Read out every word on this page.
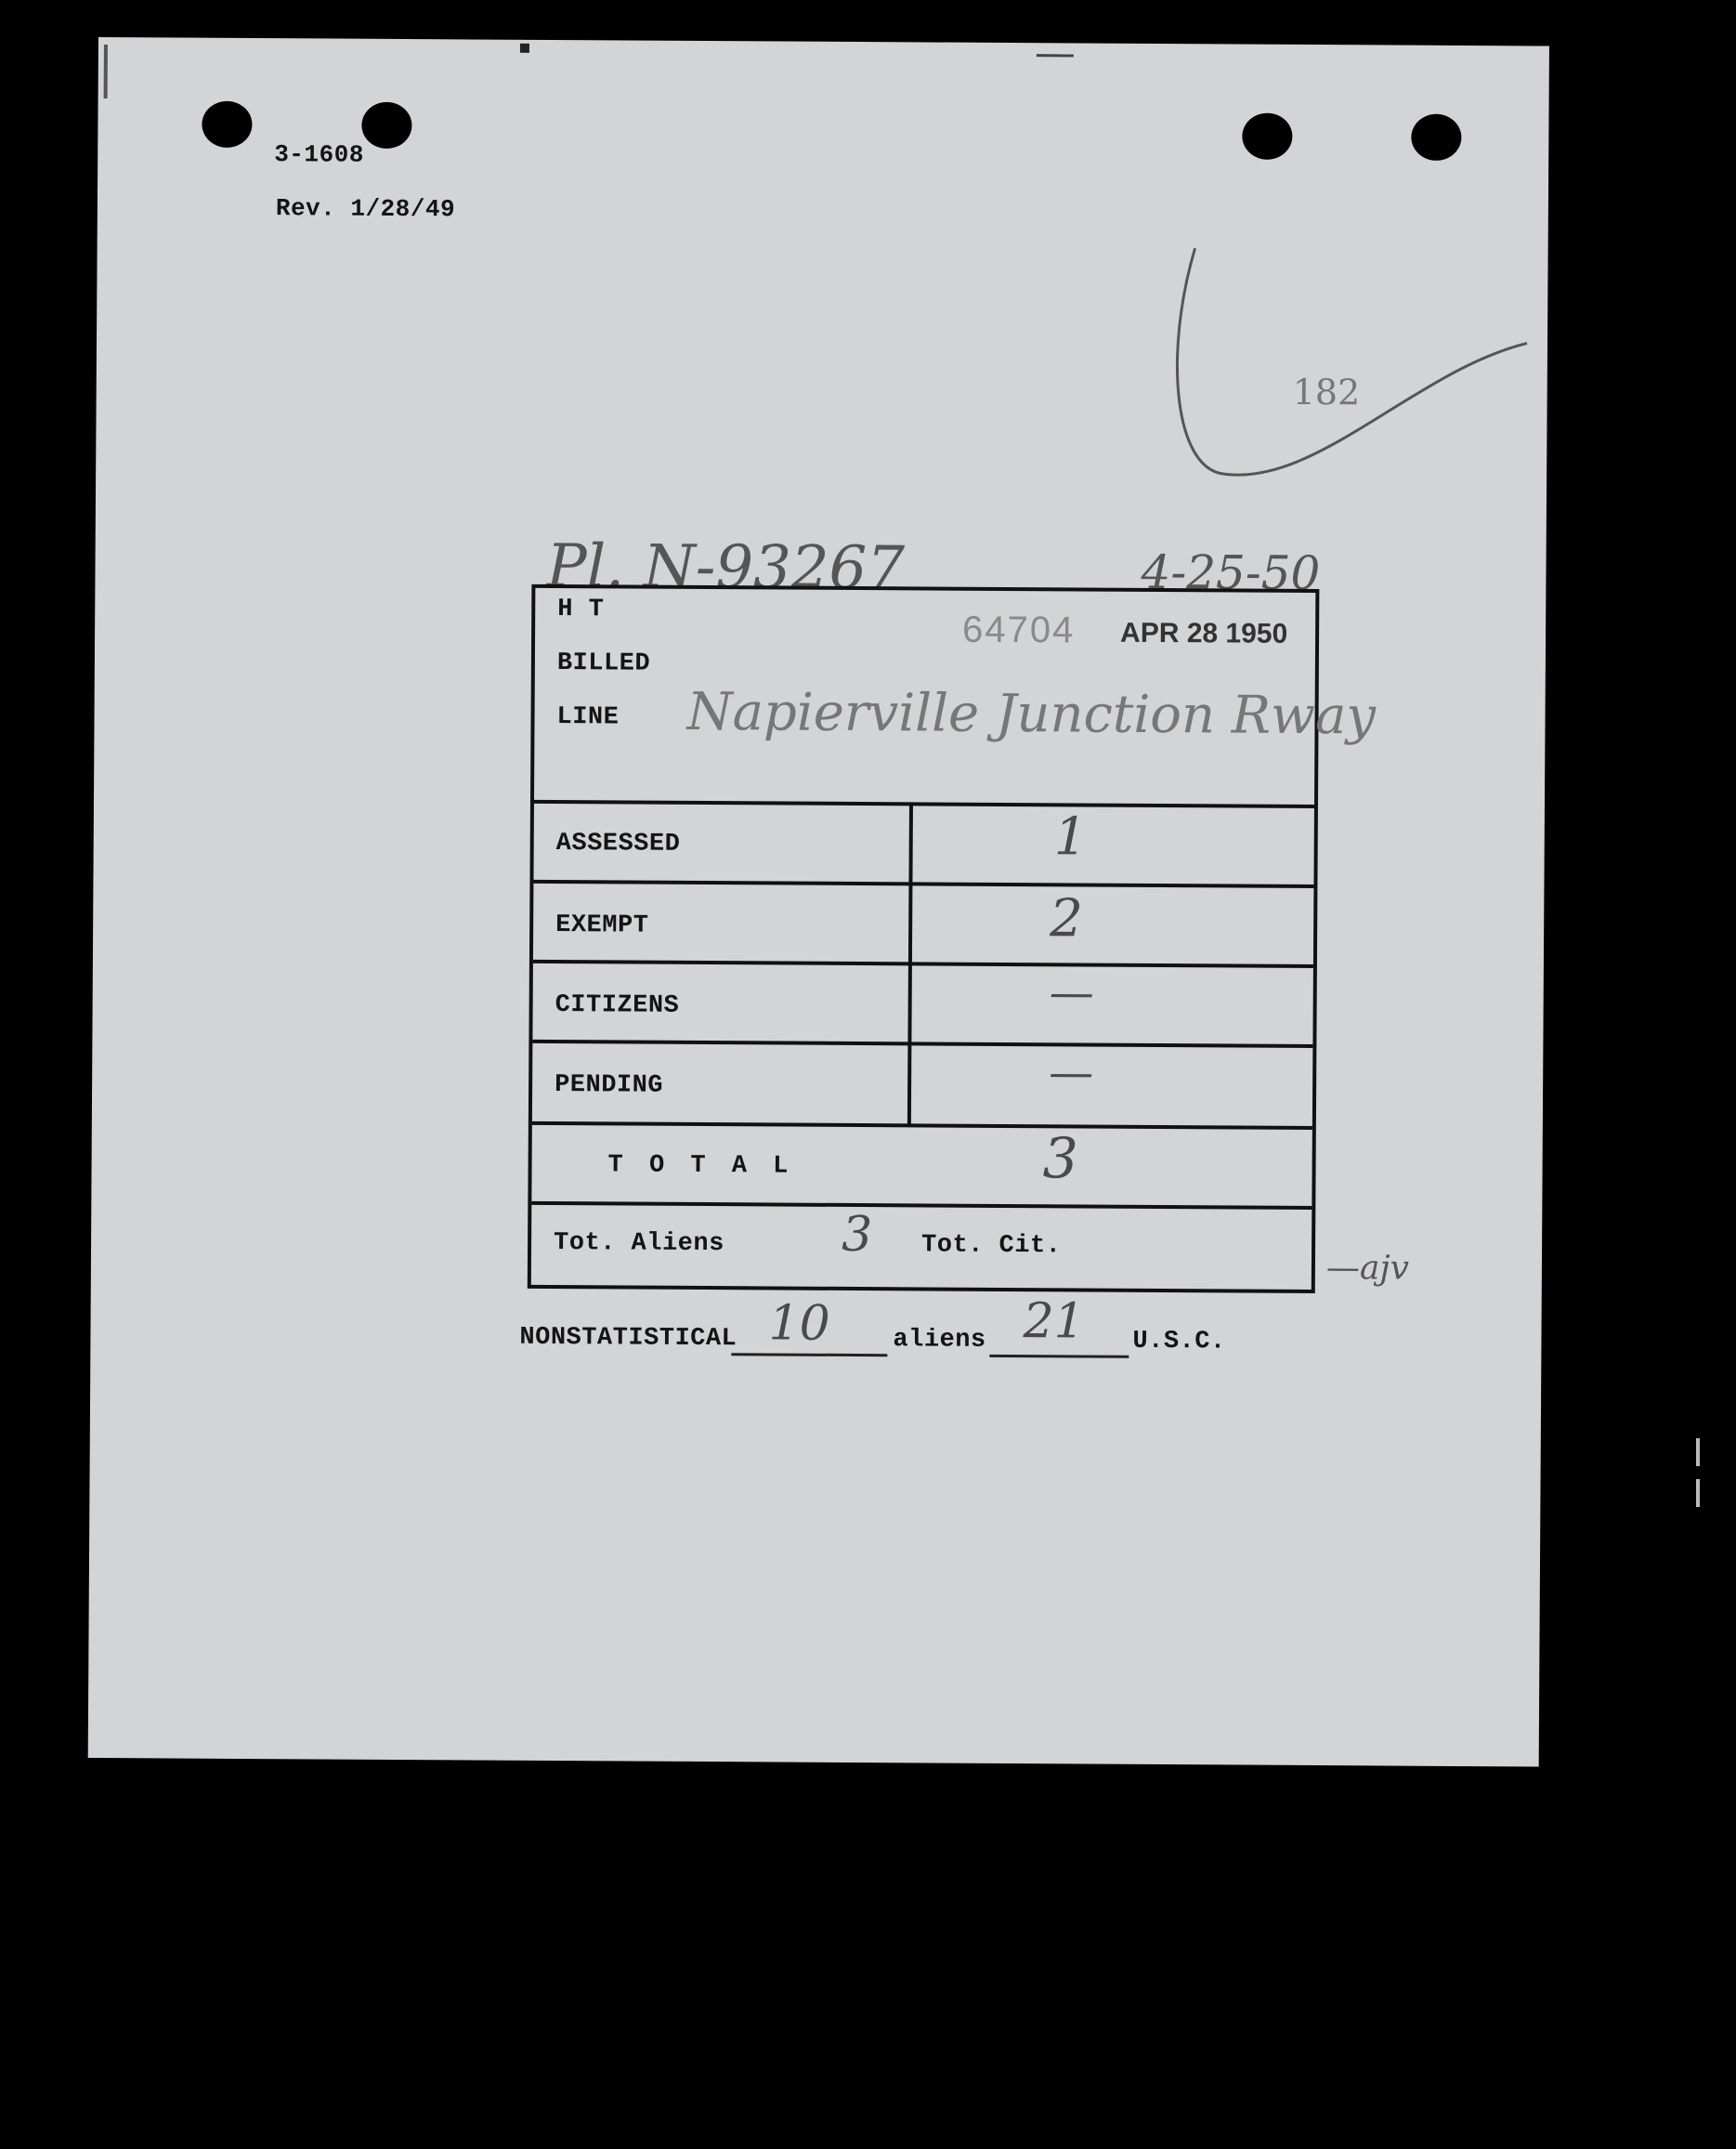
3-1608
Rev. 1/28/49
182
Pl. N-93267	4-25-50
H T	64704 APR 28 1950
BILLED
LINE Napierville Junction Rway
ASSESSED	1
EXEMPT	2
CITIZENS	—
PENDING	—
T O T A L	3
Tot. Aliens 3 Tot. Cit.
—ajv
NONSTATISTICAL 10 aliens 21 U.S.C.
